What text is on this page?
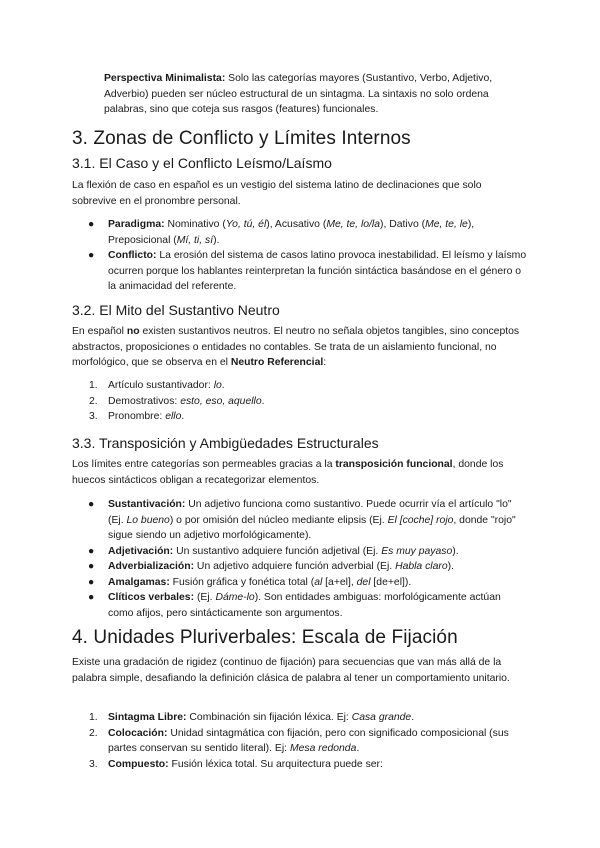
Perspectiva Minimalista: Solo las categorías mayores (Sustantivo, Verbo, Adjetivo, Adverbio) pueden ser núcleo estructural de un sintagma. La sintaxis no solo ordena palabras, sino que coteja sus rasgos (features) funcionales.

3. Zonas de Conflicto y Límites Internos
3.1. El Caso y el Conflicto Leísmo/Laísmo

La flexión de caso en español es un vestigio del sistema latino de declinaciones que solo sobrevive en el pronombre personal.

● Paradigma: Nominativo (Yo, tú, él), Acusativo (Me, te, lo/la), Dativo (Me, te, le), Preposicional (Mí, ti, sí).
● Conflicto: La erosión del sistema de casos latino provoca inestabilidad. El leísmo y laísmo ocurren porque los hablantes reinterpretan la función sintáctica basándose en el género o la animacidad del referente.
3.2. El Mito del Sustantivo Neutro

En español no existen sustantivos neutros. El neutro no señala objetos tangibles, sino conceptos abstractos, proposiciones o entidades no contables. Se trata de un aislamiento funcional, no morfológico, que se observa en el Neutro Referencial:

1. Artículo sustantivador: lo.
2. Demostrativos: esto, eso, aquello.
3. Pronombre: ello.
3.3. Transposición y Ambigüedades Estructurales

Los límites entre categorías son permeables gracias a la transposición funcional, donde los huecos sintácticos obligan a recategorizar elementos.

● Sustantivación: Un adjetivo funciona como sustantivo. Puede ocurrir vía el artículo "lo" (Ej. Lo bueno) o por omisión del núcleo mediante elipsis (Ej. El [coche] rojo, donde "rojo" sigue siendo un adjetivo morfológicamente).
● Adjetivación: Un sustantivo adquiere función adjetival (Ej. Es muy payaso).
● Adverbialización: Un adjetivo adquiere función adverbial (Ej. Habla claro).
● Amalgamas: Fusión gráfica y fonética total (al [a+el], del [de+el]).
● Clíticos verbales: (Ej. Dáme-lo). Son entidades ambiguas: morfológicamente actúan como afijos, pero sintácticamente son argumentos.
4. Unidades Pluriverbales: Escala de Fijación

Existe una gradación de rigidez (continuo de fijación) para secuencias que van más allá de la palabra simple, desafiando la definición clásica de palabra al tener un comportamiento unitario.

1. Sintagma Libre: Combinación sin fijación léxica. Ej: Casa grande.
2. Colocación: Unidad sintagmática con fijación, pero con significado composicional (sus partes conservan su sentido literal). Ej: Mesa redonda.
3. Compuesto: Fusión léxica total. Su arquitectura puede ser:
